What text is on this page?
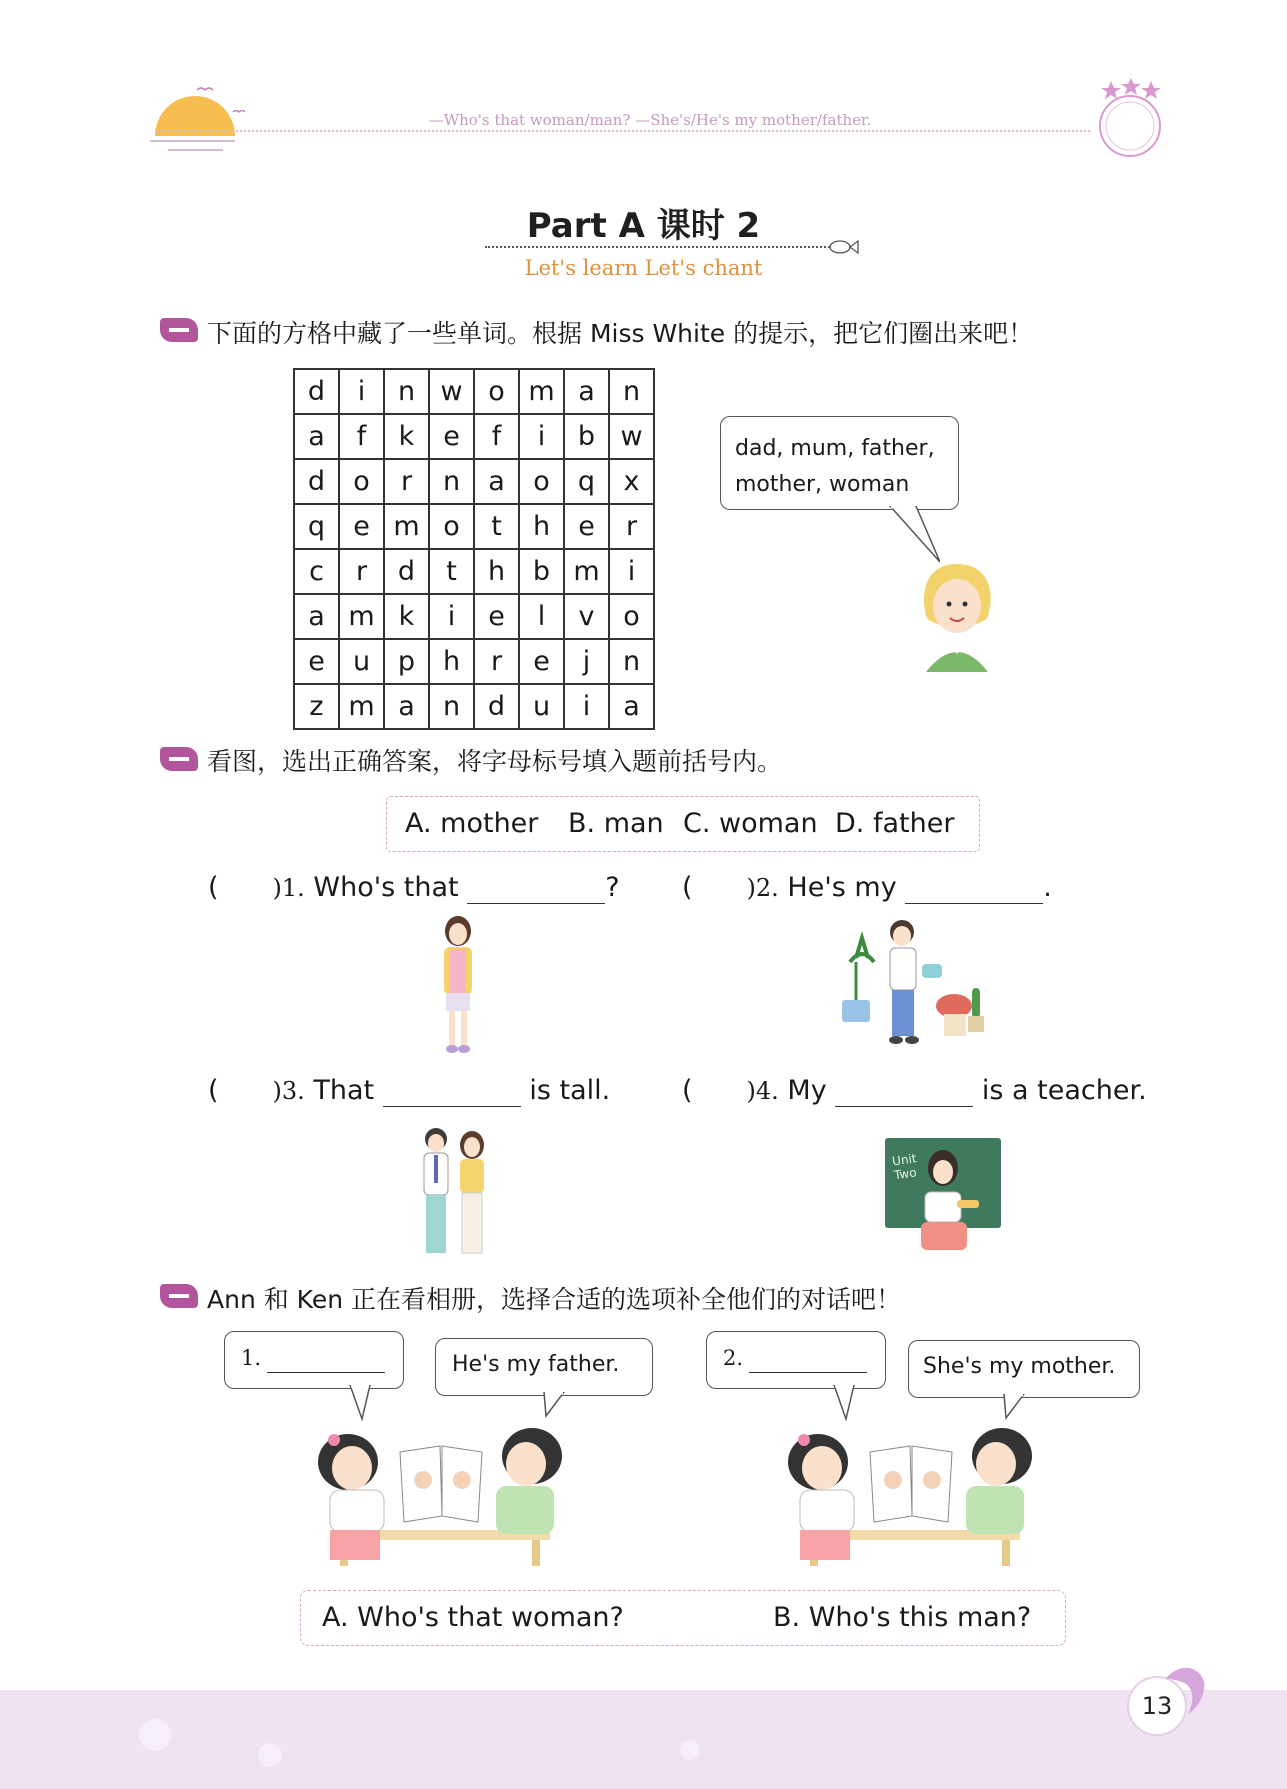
—Who's that woman/man? —She's/He's my mother/father.
Part A 课时 2
Let's learn Let's chant
下面的方格中藏了一些单词。根据 Miss White 的提示，把它们圈出来吧！
d	i	n	w	o	m	a	n
a	f	k	e	f	i	b	w
d	o	r	n	a	o	q	x
q	e	m	o	t	h	e	r
c	r	d	t	h	b	m	i
a	m	k	i	e	l	v	o
e	u	p	h	r	e	j	n
z	m	a	n	d	u	i	a
dad, mum, father,
mother, woman
看图，选出正确答案，将字母标号填入题前括号内。
A. mother B. man C. woman D. father
( )1. Who's that	? ( )2. He's my	.
( )3. That	is tall.	( )4. My	is a teacher.
Unit Two
Ann 和 Ken 正在看相册，选择合适的选项补全他们的对话吧！
1.	He's my father.	2.	She's my mother.
A. Who's that woman?	B. Who's this man?
13
